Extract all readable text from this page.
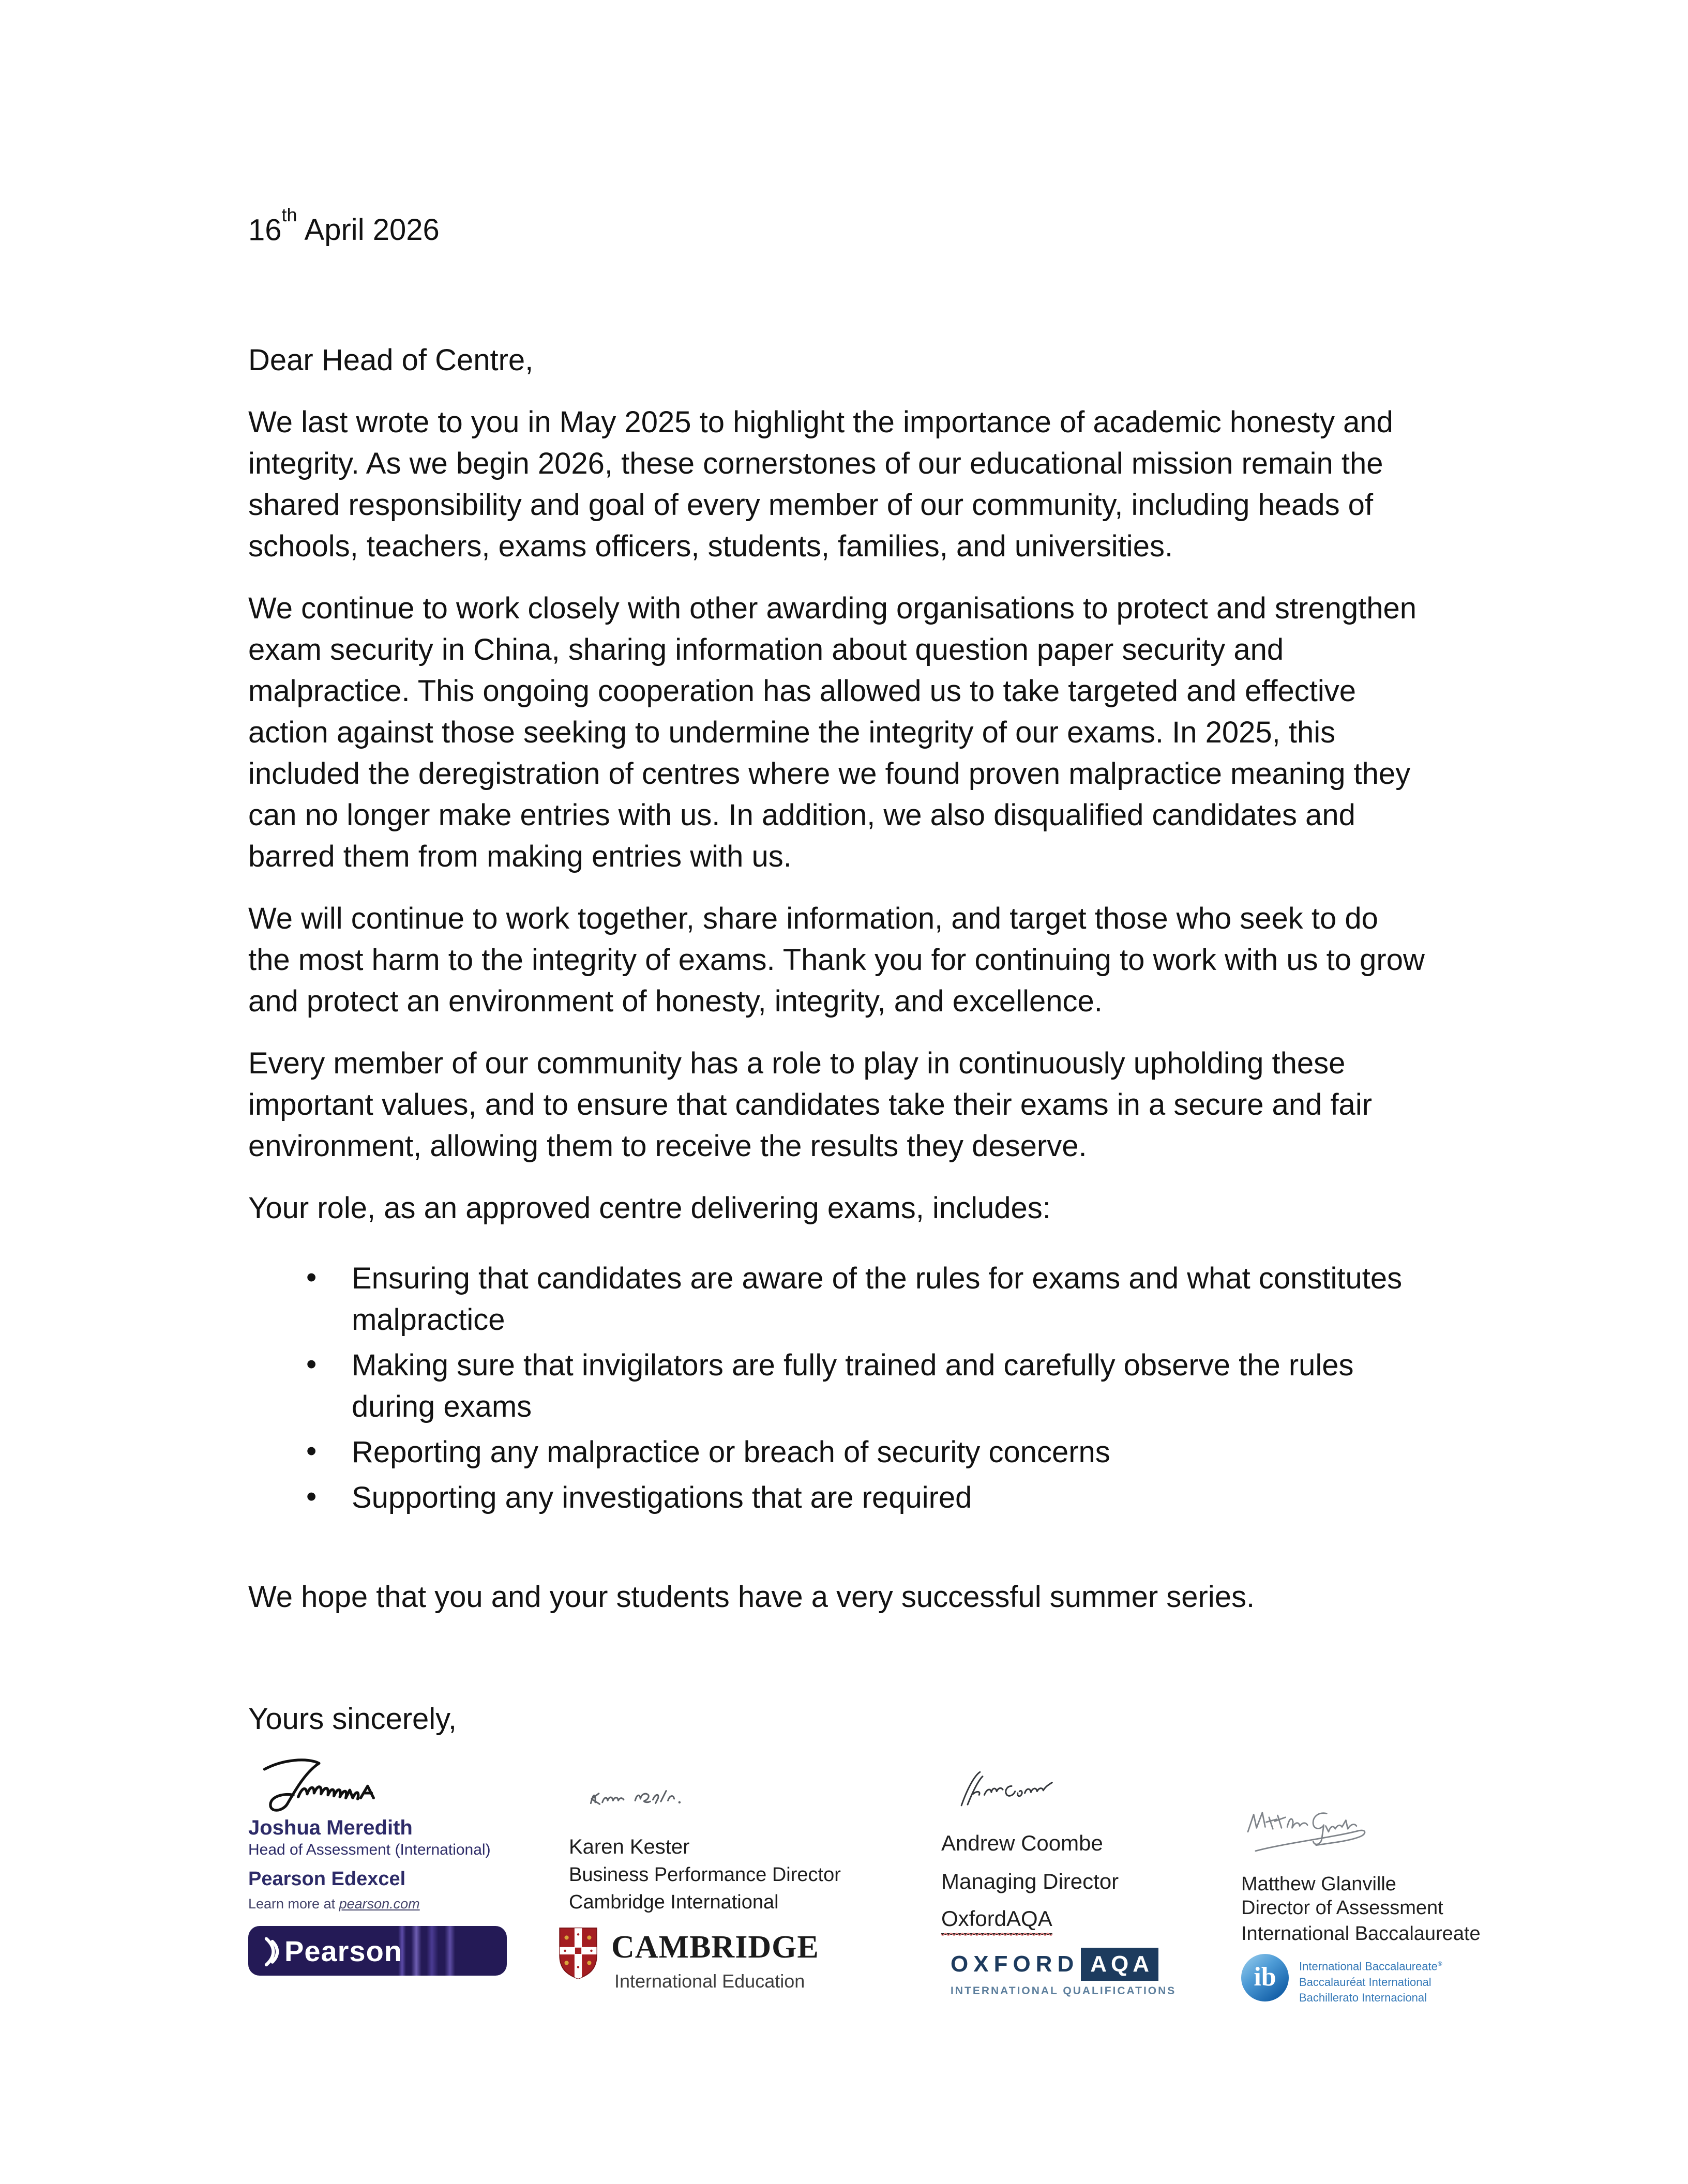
16th April 2026
Dear Head of Centre,
We last wrote to you in May 2025 to highlight the importance of academic honesty and
integrity. As we begin 2026, these cornerstones of our educational mission remain the
shared responsibility and goal of every member of our community, including heads of
schools, teachers, exams officers, students, families, and universities.
We continue to work closely with other awarding organisations to protect and strengthen
exam security in China, sharing information about question paper security and
malpractice. This ongoing cooperation has allowed us to take targeted and effective
action against those seeking to undermine the integrity of our exams. In 2025, this
included the deregistration of centres where we found proven malpractice meaning they
can no longer make entries with us. In addition, we also disqualified candidates and
barred them from making entries with us.
We will continue to work together, share information, and target those who seek to do
the most harm to the integrity of exams. Thank you for continuing to work with us to grow
and protect an environment of honesty, integrity, and excellence.
Every member of our community has a role to play in continuously upholding these
important values, and to ensure that candidates take their exams in a secure and fair
environment, allowing them to receive the results they deserve.
Your role, as an approved centre delivering exams, includes:
• Ensuring that candidates are aware of the rules for exams and what constitutes
malpractice
• Making sure that invigilators are fully trained and carefully observe the rules
during exams
• Reporting any malpractice or breach of security concerns
• Supporting any investigations that are required
We hope that you and your students have a very successful summer series.
Yours sincerely,
Joshua Meredith
Head of Assessment (International)
Pearson Edexcel
Learn more at pearson.com
Pearson
Karen Kester
Business Performance Director
Cambridge International
CAMBRIDGE
International Education
Andrew Coombe
Managing Director
OxfordAQA
OXFORD AQA
INTERNATIONAL QUALIFICATIONS
Matthew Glanville
Director of Assessment
International Baccalaureate
ib International Baccalaureate®
Baccalauréat International
Bachillerato Internacional
